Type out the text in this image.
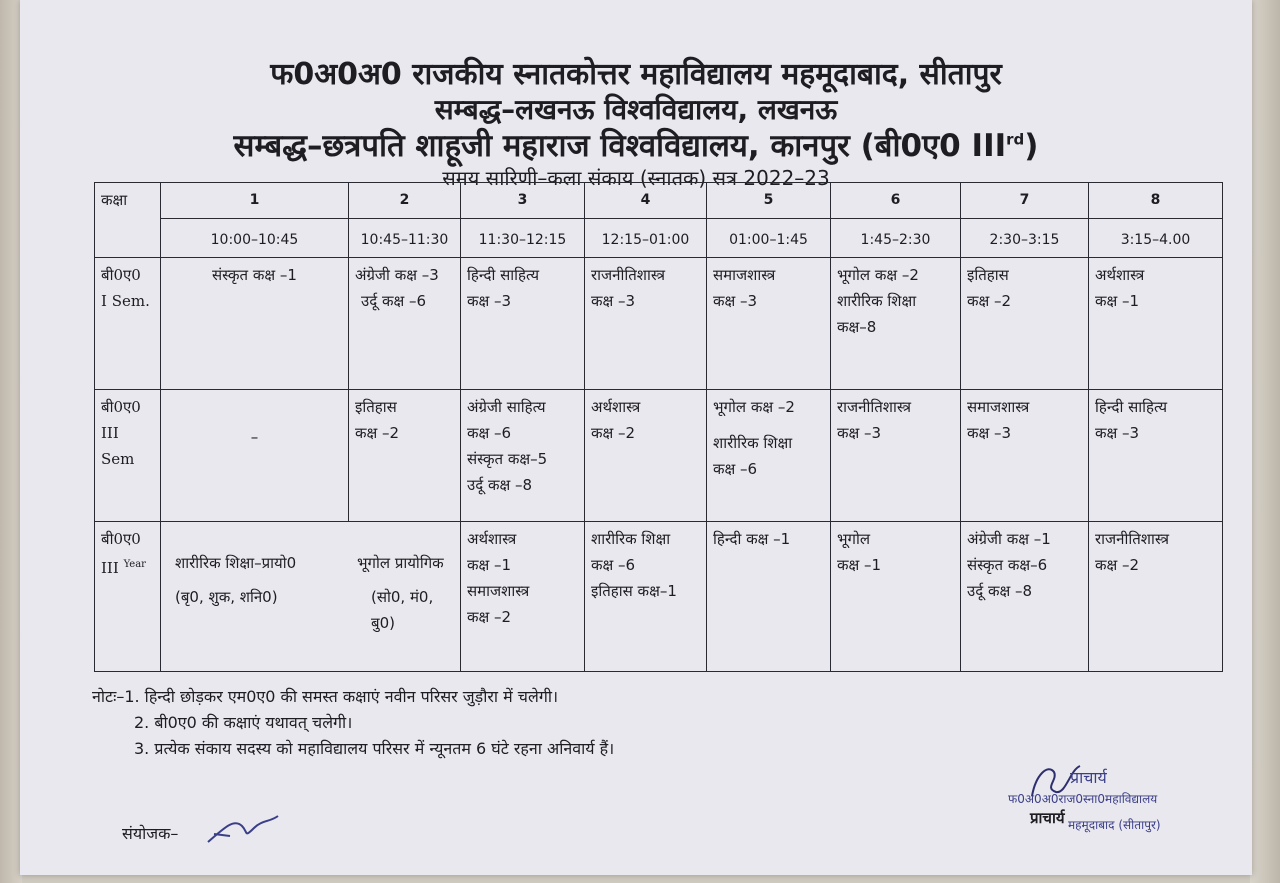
फ0अ0अ0 राजकीय स्नातकोत्तर महाविद्यालय महमूदाबाद, सीतापुर
सम्बद्ध–लखनऊ विश्वविद्यालय, लखनऊ
सम्बद्ध–छत्रपति शाहूजी महाराज विश्वविद्यालय, कानपुर (बी0ए0 IIIrd)
समय सारिणी–कला संकाय (स्नातक) सत्र 2022–23
कक्षा	1	2	3	4	5	6	7	8
	10:00–10:45	10:45–11:30	11:30–12:15	12:15–01:00	01:00–1:45	1:45–2:30	2:30–3:15	3:15–4.00

बी0ए0
I Sem.	संस्कृत कक्ष –1	अंग्रेजी कक्ष –3
उर्दू कक्ष –6	हिन्दी साहित्य
कक्ष –3	राजनीतिशास्त्र
कक्ष –3	समाजशास्त्र
कक्ष –3	भूगोल कक्ष –2
शारीरिक शिक्षा
कक्ष–8	इतिहास
कक्ष –2	अर्थशास्त्र
कक्ष –1

बी0ए0
III Sem	–	इतिहास
कक्ष –2	अंग्रेजी साहित्य
कक्ष –6
संस्कृत कक्ष–5
उर्दू कक्ष –8	अर्थशास्त्र
कक्ष –2	भूगोल कक्ष –2
शारीरिक शिक्षा
कक्ष –6	राजनीतिशास्त्र
कक्ष –3	समाजशास्त्र
कक्ष –3	हिन्दी साहित्य
कक्ष –3

बी0ए0
III $^{Year}$	शारीरिक शिक्षा–प्रायो0
(बृ0, शुक, शनि0)
भूगोल प्रायोगिक
(सो0, मं0, बु0)		अर्थशास्त्र
कक्ष –1
समाजशास्त्र
कक्ष –2	शारीरिक शिक्षा
कक्ष –6
इतिहास कक्ष–1	हिन्दी कक्ष –1	भूगोल
कक्ष –1	अंग्रेजी कक्ष –1
संस्कृत कक्ष–6
उर्दू कक्ष –8	राजनीतिशास्त्र
कक्ष –2
नोटः–1. हिन्दी छोड़कर एम0ए0 की समस्त कक्षाएं नवीन परिसर जुड़ौरा में चलेगी।
2. बी0ए0 की कक्षाएं यथावत् चलेगी।
3. प्रत्येक संकाय सदस्य को महाविद्यालय परिसर में न्यूनतम 6 घंटे रहना अनिवार्य हैं।
संयोजक–
प्राचार्य
फ0अ0अ0राज0स्ना0महाविद्यालय
महमूदाबाद (सीतापुर)
प्राचार्य
